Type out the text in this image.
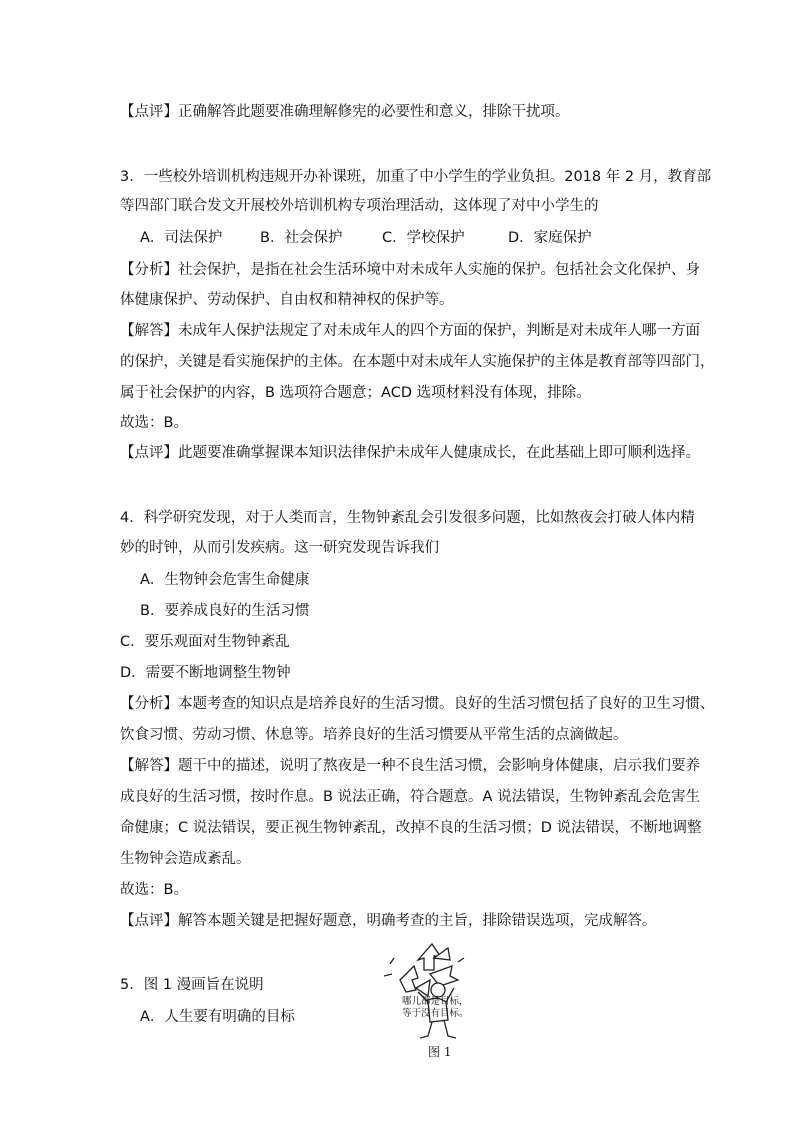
【点评】正确解答此题要准确理解修宪的必要性和意义，排除干扰项。
3．一些校外培训机构违规开办补课班，加重了中小学生的学业负担。2018 年 2 月，教育部
等四部门联合发文开展校外培训机构专项治理活动，这体现了对中小学生的
A．司法保护	B．社会保护	C．学校保护	D．家庭保护
【分析】社会保护，是指在社会生活环境中对未成年人实施的保护。包括社会文化保护、身
体健康保护、劳动保护、自由权和精神权的保护等。
【解答】未成年人保护法规定了对未成年人的四个方面的保护，判断是对未成年人哪一方面
的保护，关键是看实施保护的主体。在本题中对未成年人实施保护的主体是教育部等四部门，
属于社会保护的内容，B 选项符合题意；ACD 选项材料没有体现，排除。
故选：B。
【点评】此题要准确掌握课本知识法律保护未成年人健康成长，在此基础上即可顺利选择。
4．科学研究发现，对于人类而言，生物钟紊乱会引发很多问题，比如熬夜会打破人体内精
妙的时钟，从而引发疾病。这一研究发现告诉我们
A．生物钟会危害生命健康
B．要养成良好的生活习惯
C．要乐观面对生物钟紊乱
D．需要不断地调整生物钟
【分析】本题考查的知识点是培养良好的生活习惯。良好的生活习惯包括了良好的卫生习惯、
饮食习惯、劳动习惯、休息等。培养良好的生活习惯要从平常生活的点滴做起。
【解答】题干中的描述，说明了熬夜是一种不良生活习惯，会影响身体健康，启示我们要养
成良好的生活习惯，按时作息。B 说法正确，符合题意。A 说法错误，生物钟紊乱会危害生
命健康；C 说法错误，要正视生物钟紊乱，改掉不良的生活习惯；D 说法错误，不断地调整
生物钟会造成紊乱。
故选：B。
【点评】解答本题关键是把握好题意，明确考查的主旨，排除错误选项，完成解答。
5．图 1 漫画旨在说明
A．人生要有明确的目标
哪儿都是目标，
等于没有目标。
图 1
